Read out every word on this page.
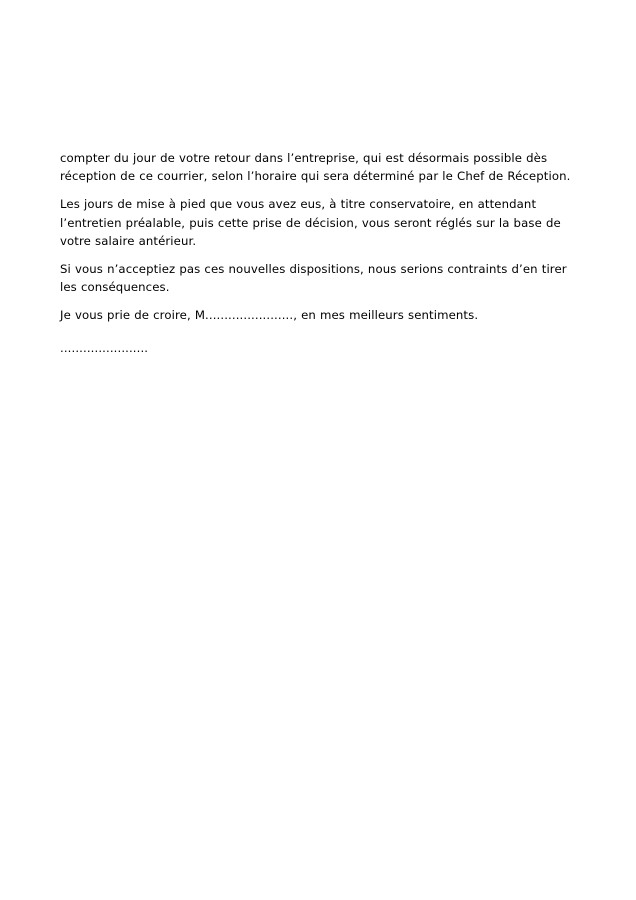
compter du jour de votre retour dans l’entreprise, qui est désormais possible dès réception de ce courrier, selon l’horaire qui sera déterminé par le Chef de Réception.

Les jours de mise à pied que vous avez eus, à titre conservatoire, en attendant l’entretien préalable, puis cette prise de décision, vous seront réglés sur la base de votre salaire antérieur.

Si vous n’acceptiez pas ces nouvelles dispositions, nous serions contraints d’en tirer les conséquences.

Je vous prie de croire, M......................., en mes meilleurs sentiments.

.......................
